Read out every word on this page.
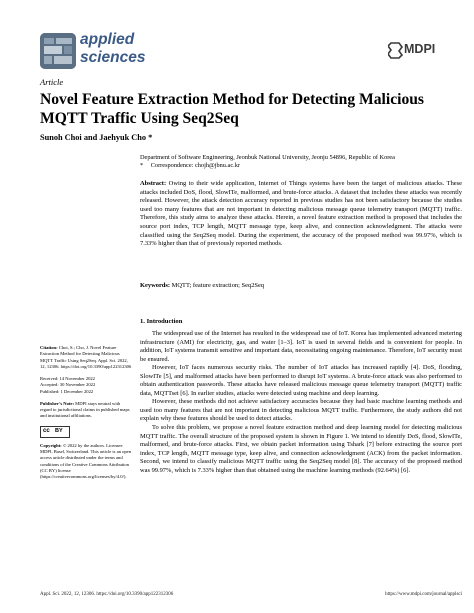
applied
sciences	MDPI
Article
Novel Feature Extraction Method for Detecting Malicious MQTT Traffic Using Seq2Seq
Sunoh Choi and Jaehyuk Cho *
Department of Software Engineering, Jeonbuk National University, Jeonju 54896, Republic of Korea
* Correspondence: chojh@jbnu.ac.kr
Abstract: Owing to their wide application, Internet of Things systems have been the target of malicious attacks. These attacks included DoS, flood, SlowITe, malformed, and brute-force attacks. A dataset that includes these attacks was recently released. However, the attack detection accuracy reported in previous studies has not been satisfactory because the studies used too many features that are not important in detecting malicious message queue telemetry transport (MQTT) traffic. Therefore, this study aims to analyze these attacks. Herein, a novel feature extraction method is proposed that includes the source port index, TCP length, MQTT message type, keep alive, and connection acknowledgment. The attacks were classified using the Seq2Seq model. During the experiment, the accuracy of the proposed method was 99.97%, which is 7.33% higher than that of previously reported methods.
Keywords: MQTT; feature extraction; Seq2Seq
1. Introduction

The widespread use of the Internet has resulted in the widespread use of IoT. Korea has implemented advanced metering infrastructure (AMI) for electricity, gas, and water [1–3]. IoT is used in several fields and is convenient for people. In addition, IoT systems transmit sensitive and important data, necessitating ongoing maintenance. Therefore, IoT security must be ensured.

However, IoT faces numerous security risks. The number of IoT attacks has increased rapidly [4]. DoS, flooding, SlowITe [5], and malformed attacks have been performed to disrupt IoT systems. A brute-force attack was also performed to obtain authentication passwords. These attacks have released malicious message queue telemetry transport (MQTT) traffic data, MQTTset [6]. In earlier studies, attacks were detected using machine and deep learning.

However, these methods did not achieve satisfactory accuracies because they had basic machine learning methods and used too many features that are not important in detecting malicious MQTT traffic. Furthermore, the study authors did not explain why these features should be used to detect attacks.

To solve this problem, we propose a novel feature extraction method and deep learning model for detecting malicious MQTT traffic. The overall structure of the proposed system is shown in Figure 1. We intend to identify DoS, flood, SlowITe, malformed, and brute-force attacks. First, we obtain packet information using Tshark [7] before extracting the source port index, TCP length, MQTT message type, keep alive, and connection acknowledgment (ACK) from the packet information. Second, we intend to classify malicious MQTT traffic using the Seq2Seq model [8]. The accuracy of the proposed method was 99.97%, which is 7.33% higher than that obtained using the machine learning methods (92.64%) [6].

Citation: Choi, S.; Cho, J. Novel Feature Extraction Method for Detecting Malicious MQTT Traffic Using Seq2Seq. Appl. Sci. 2022, 12, 12306. https://doi.org/10.3390/app122312306

Received: 14 November 2022
Accepted: 30 November 2022
Published: 1 December 2022

Publisher’s Note: MDPI stays neutral with regard to jurisdictional claims in published maps and institutional affiliations.

cc BY

Copyright: © 2022 by the authors. Licensee MDPI, Basel, Switzerland. This article is an open access article distributed under the terms and conditions of the Creative Commons Attribution (CC BY) license (https://creativecommons.org/licenses/by/4.0/).

Appl. Sci. 2022, 12, 12306. https://doi.org/10.3390/app122312306	https://www.mdpi.com/journal/applsci
